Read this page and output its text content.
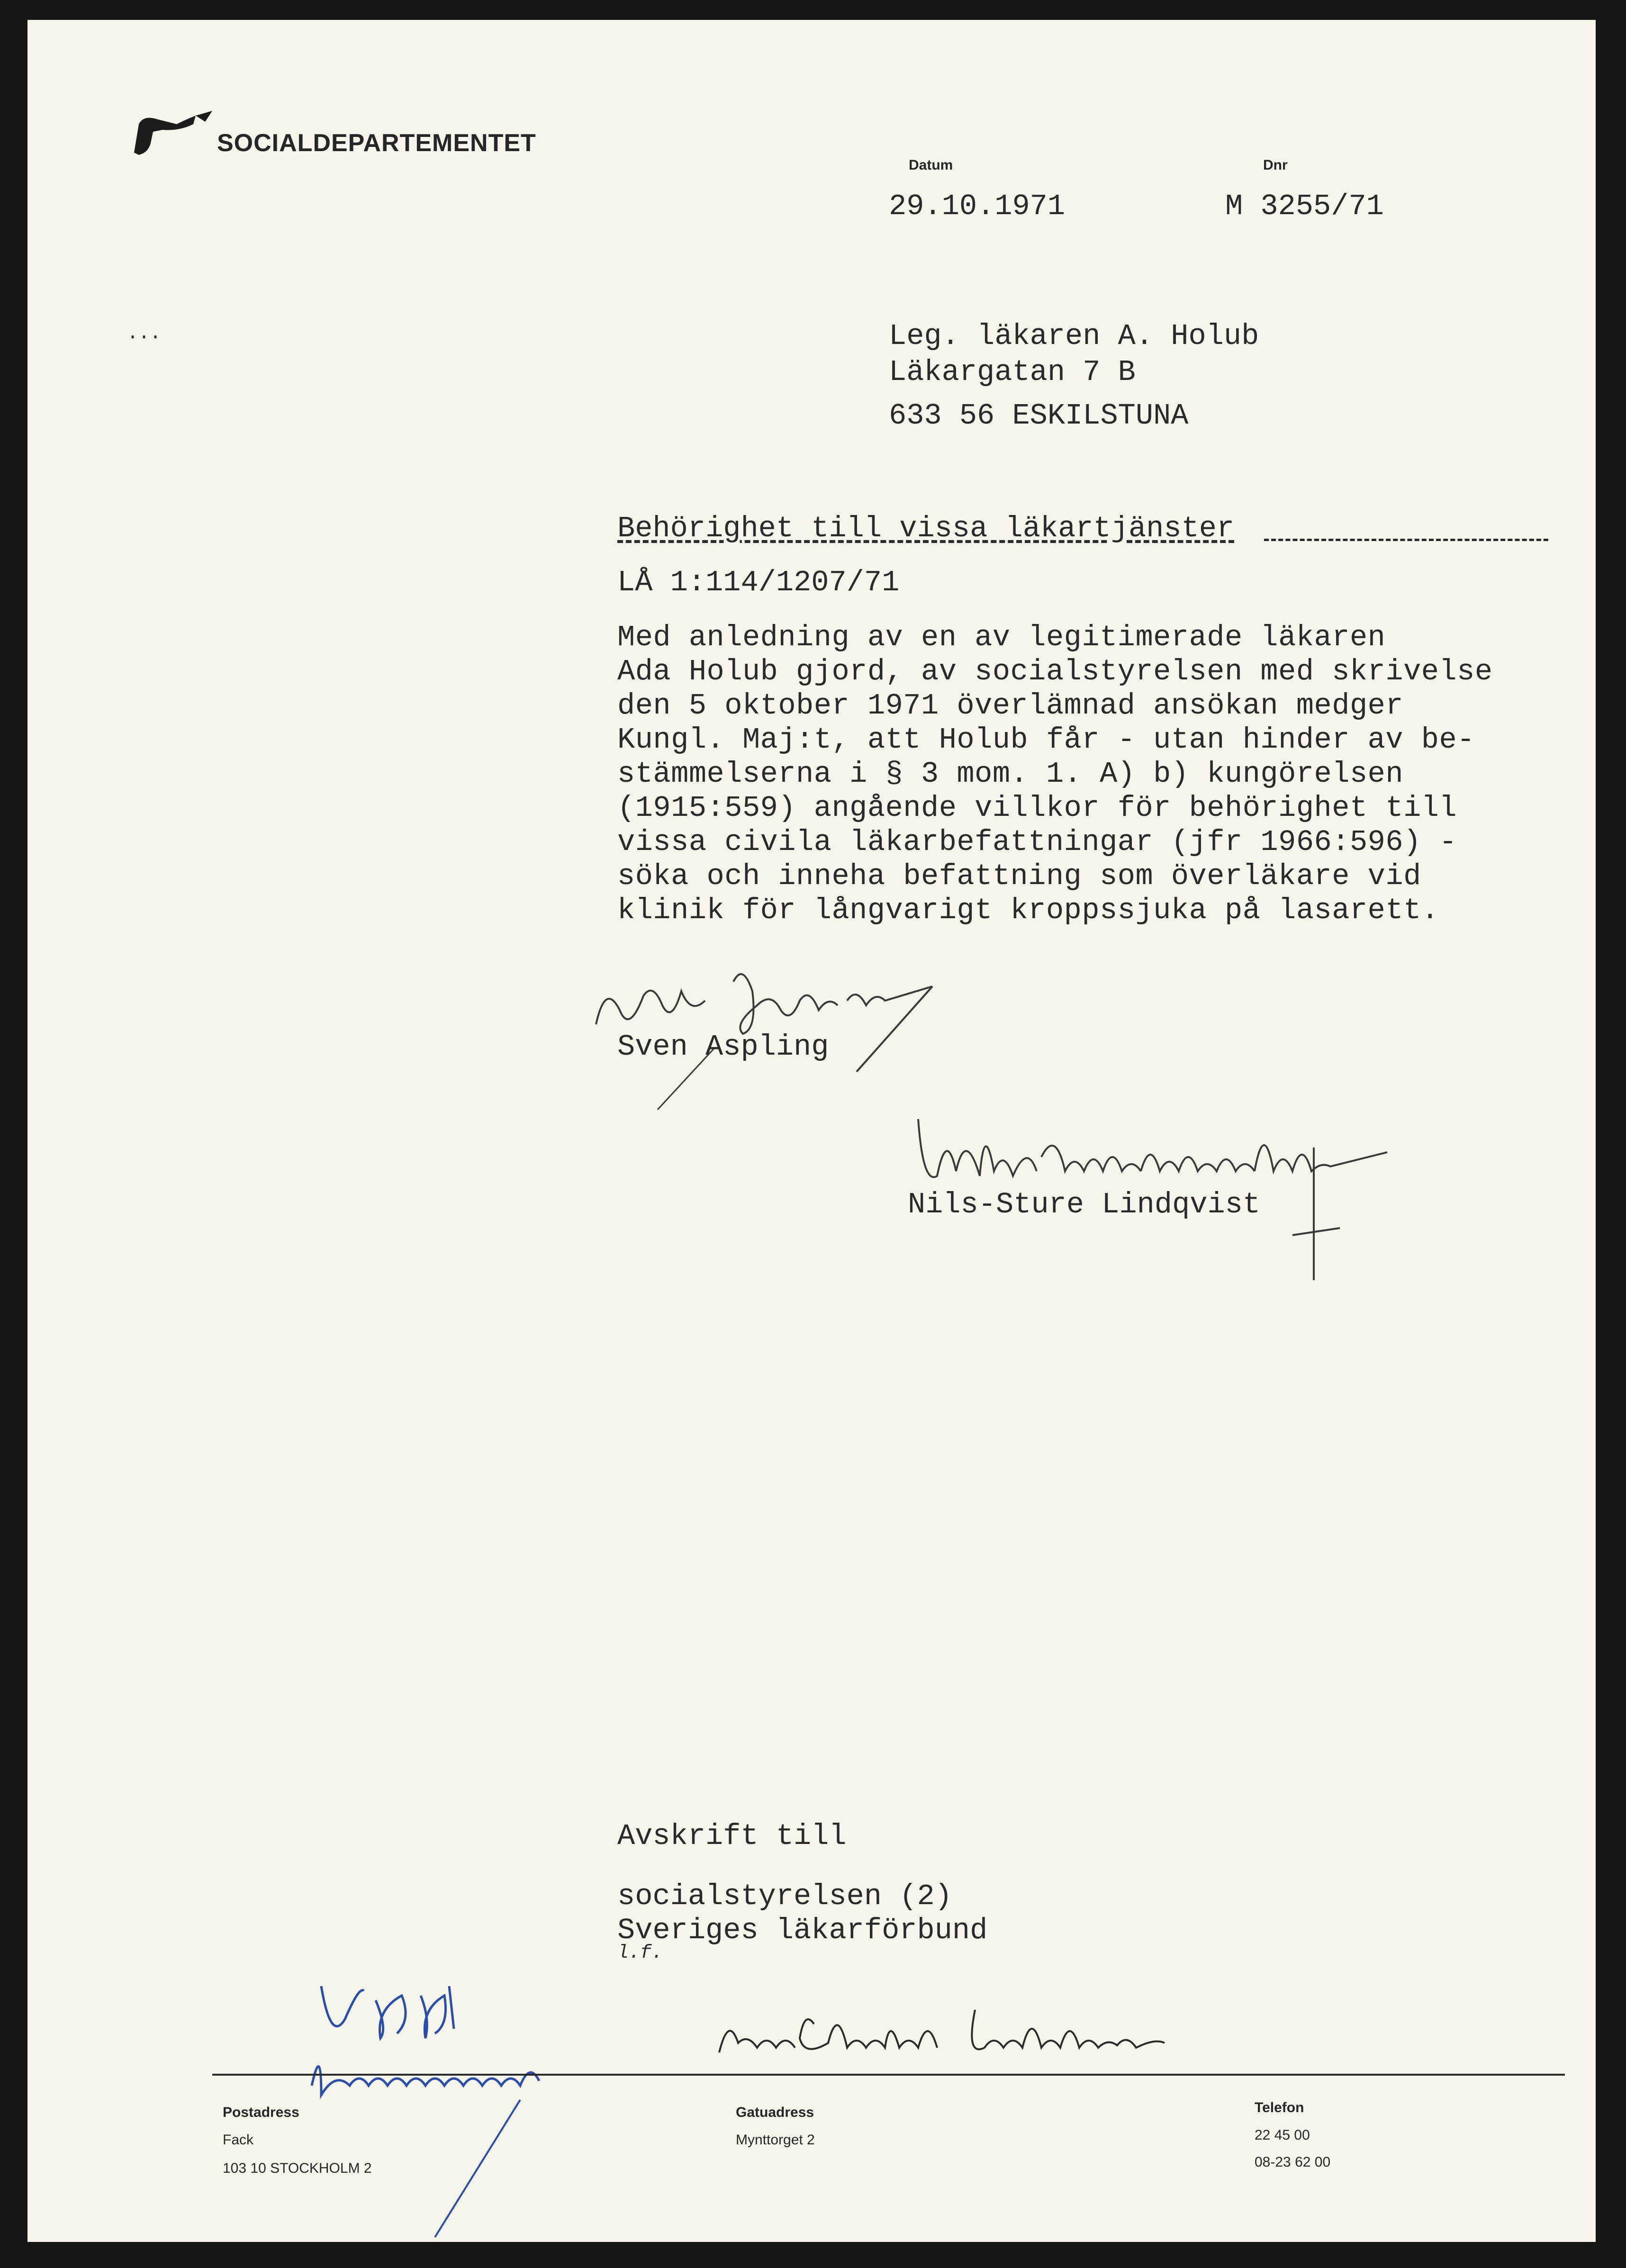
SOCIALDEPARTEMENTET
Datum	Dnr
29.10.1971	M 3255/71
...	Leg. läkaren A. Holub
Läkargatan 7 B
633 56 ESKILSTUNA
Behörighet till vissa läkartjänster
LÅ 1:114/1207/71
Med anledning av en av legitimerade läkaren
Ada Holub gjord, av socialstyrelsen med skrivelse
den 5 oktober 1971 överlämnad ansökan medger
Kungl. Maj:t, att Holub får - utan hinder av be-
stämmelserna i § 3 mom. 1. A) b) kungörelsen
(1915:559) angående villkor för behörighet till
vissa civila läkarbefattningar (jfr 1966:596) -
söka och inneha befattning som överläkare vid
klinik för långvarigt kroppssjuka på lasarett.
Sven Aspling
Nils-Sture Lindqvist
Avskrift till
socialstyrelsen (2)
Sveriges läkarförbund
l.f.
Postadress
Fack
103 10 STOCKHOLM 2
Gatuadress
Mynttorget 2
Telefon
22 45 00
08-23 62 00
